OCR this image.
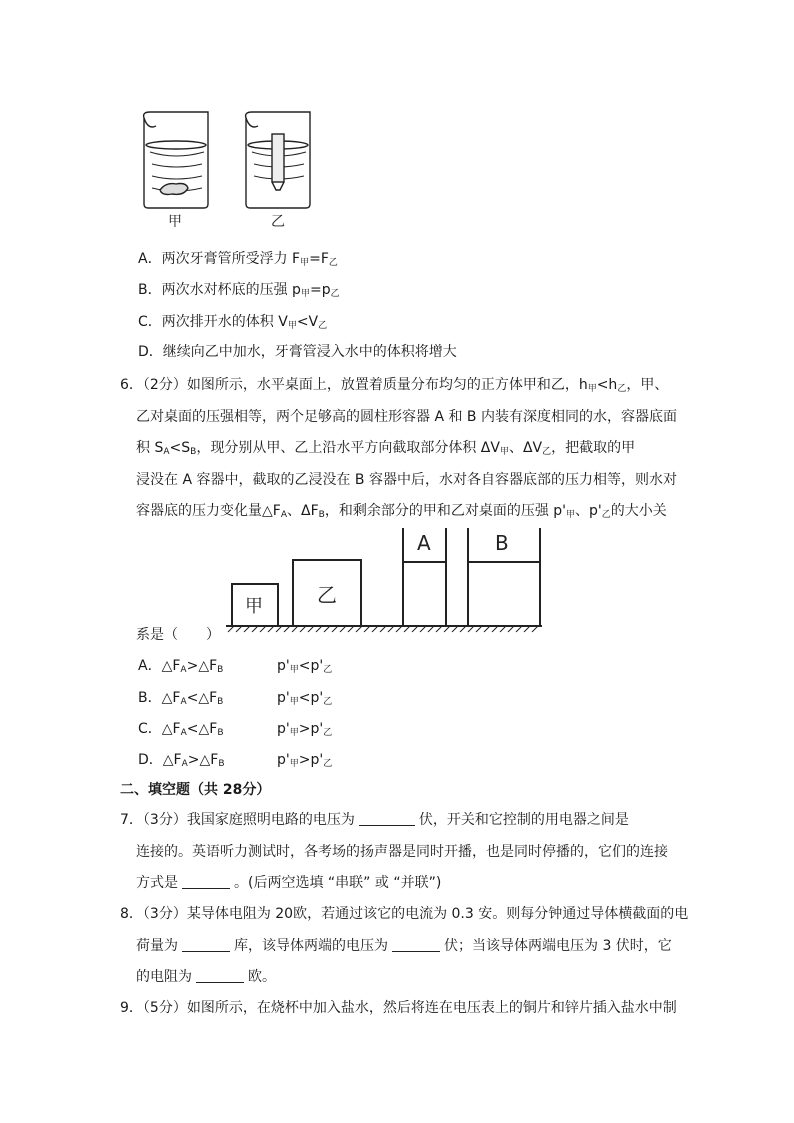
甲	乙
A．两次牙膏管所受浮力 $F_甲=F_乙$
B．两次水对杯底的压强 $p_甲=p_乙$
C．两次排开水的体积 $V_甲<V_乙$
D．继续向乙中加水，牙膏管浸入水中的体积将增大
6．（2分）如图所示，水平桌面上，放置着质量分布均匀的正方体甲和乙，$h_甲<h_乙$，甲、
乙对桌面的压强相等，两个足够高的圆柱形容器 A 和 B 内装有深度相同的水，容器底面
积 $S_A<S_B$，现分别从甲、乙上沿水平方向截取部分体积 $\Delta V_甲$、$\Delta V_乙$，把截取的甲
浸没在 A 容器中，截取的乙浸没在 B 容器中后，水对各自容器底部的压力相等，则水对
容器底的压力变化量$\triangle F_A$、$\Delta F_B$，和剩余部分的甲和乙对桌面的压强 $p'_甲$、$p'_乙$的大小关
甲	乙
A	B
系是（　　）
A．$\triangle F_A>\triangle F_B$	$p'_甲<p'_乙$
B．$\triangle F_A<\triangle F_B$	$p'_甲<p'_乙$
C．$\triangle F_A<\triangle F_B$	$p'_甲>p'_乙$
D．$\triangle F_A>\triangle F_B$	$p'_甲>p'_乙$
二、填空题（共 28分）
7．（3分）我国家庭照明电路的电压为	伏，开关和它控制的用电器之间是
连接的。英语听力测试时，各考场的扬声器是同时开播，也是同时停播的，它们的连接
方式是	。(后两空选填 “串联” 或 “并联”)
8．（3分）某导体电阻为 20欧，若通过该它的电流为 0.3 安。则每分钟通过导体横截面的电
荷量为	库，该导体两端的电压为	伏；当该导体两端电压为 3 伏时，它
的电阻为	欧。
9．（5分）如图所示，在烧杯中加入盐水，然后将连在电压表上的铜片和锌片插入盐水中制
